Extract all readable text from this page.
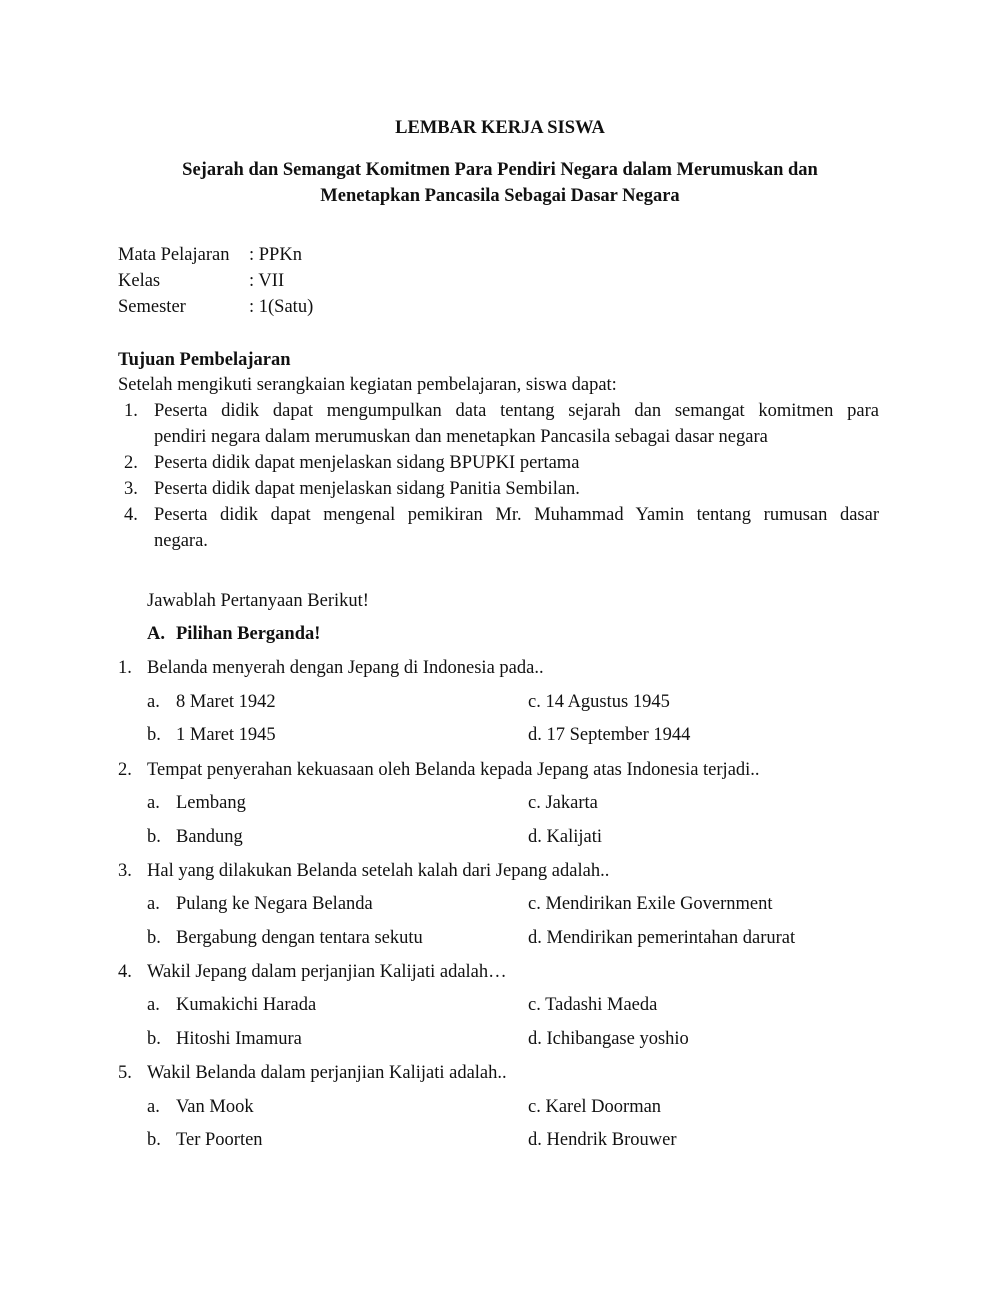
LEMBAR KERJA SISWA
Sejarah dan Semangat Komitmen Para Pendiri Negara dalam Merumuskan dan
Menetapkan Pancasila Sebagai Dasar Negara
Mata Pelajaran : PPKn
Kelas	: VII
Semester	: 1(Satu)
Tujuan Pembelajaran
Setelah mengikuti serangkaian kegiatan pembelajaran, siswa dapat:
1. Peserta didik dapat mengumpulkan data tentang sejarah dan semangat komitmen para
pendiri negara dalam merumuskan dan menetapkan Pancasila sebagai dasar negara
2. Peserta didik dapat menjelaskan sidang BPUPKI pertama
3. Peserta didik dapat menjelaskan sidang Panitia Sembilan.
4. Peserta didik dapat mengenal pemikiran Mr. Muhammad Yamin tentang rumusan dasar
negara.
Jawablah Pertanyaan Berikut!
A. Pilihan Berganda!
1. Belanda menyerah dengan Jepang di Indonesia pada..
a. 8 Maret 1942	c. 14 Agustus 1945
b. 1 Maret 1945	d. 17 September 1944
2. Tempat penyerahan kekuasaan oleh Belanda kepada Jepang atas Indonesia terjadi..
a. Lembang	c. Jakarta
b. Bandung	d. Kalijati
3. Hal yang dilakukan Belanda setelah kalah dari Jepang adalah..
a. Pulang ke Negara Belanda	c. Mendirikan Exile Government
b. Bergabung dengan tentara sekutu	d. Mendirikan pemerintahan darurat
4. Wakil Jepang dalam perjanjian Kalijati adalah…
a. Kumakichi Harada	c. Tadashi Maeda
b. Hitoshi Imamura	d. Ichibangase yoshio
5. Wakil Belanda dalam perjanjian Kalijati adalah..
a. Van Mook	c. Karel Doorman
b. Ter Poorten	d. Hendrik Brouwer
